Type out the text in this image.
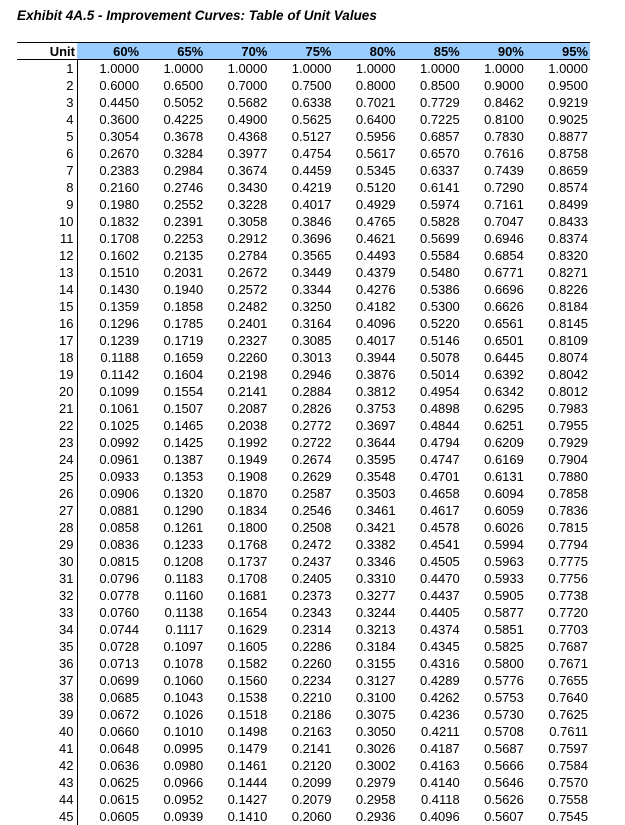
Exhibit 4A.5 - Improvement Curves: Table of Unit Values
Unit	60%	65%	70%	75%	80%	85%	90%	95%
1	1.0000	1.0000	1.0000	1.0000	1.0000	1.0000	1.0000	1.0000
2	0.6000	0.6500	0.7000	0.7500	0.8000	0.8500	0.9000	0.9500
3	0.4450	0.5052	0.5682	0.6338	0.7021	0.7729	0.8462	0.9219
4	0.3600	0.4225	0.4900	0.5625	0.6400	0.7225	0.8100	0.9025
5	0.3054	0.3678	0.4368	0.5127	0.5956	0.6857	0.7830	0.8877
6	0.2670	0.3284	0.3977	0.4754	0.5617	0.6570	0.7616	0.8758
7	0.2383	0.2984	0.3674	0.4459	0.5345	0.6337	0.7439	0.8659
8	0.2160	0.2746	0.3430	0.4219	0.5120	0.6141	0.7290	0.8574
9	0.1980	0.2552	0.3228	0.4017	0.4929	0.5974	0.7161	0.8499
10	0.1832	0.2391	0.3058	0.3846	0.4765	0.5828	0.7047	0.8433
11	0.1708	0.2253	0.2912	0.3696	0.4621	0.5699	0.6946	0.8374
12	0.1602	0.2135	0.2784	0.3565	0.4493	0.5584	0.6854	0.8320
13	0.1510	0.2031	0.2672	0.3449	0.4379	0.5480	0.6771	0.8271
14	0.1430	0.1940	0.2572	0.3344	0.4276	0.5386	0.6696	0.8226
15	0.1359	0.1858	0.2482	0.3250	0.4182	0.5300	0.6626	0.8184
16	0.1296	0.1785	0.2401	0.3164	0.4096	0.5220	0.6561	0.8145
17	0.1239	0.1719	0.2327	0.3085	0.4017	0.5146	0.6501	0.8109
18	0.1188	0.1659	0.2260	0.3013	0.3944	0.5078	0.6445	0.8074
19	0.1142	0.1604	0.2198	0.2946	0.3876	0.5014	0.6392	0.8042
20	0.1099	0.1554	0.2141	0.2884	0.3812	0.4954	0.6342	0.8012
21	0.1061	0.1507	0.2087	0.2826	0.3753	0.4898	0.6295	0.7983
22	0.1025	0.1465	0.2038	0.2772	0.3697	0.4844	0.6251	0.7955
23	0.0992	0.1425	0.1992	0.2722	0.3644	0.4794	0.6209	0.7929
24	0.0961	0.1387	0.1949	0.2674	0.3595	0.4747	0.6169	0.7904
25	0.0933	0.1353	0.1908	0.2629	0.3548	0.4701	0.6131	0.7880
26	0.0906	0.1320	0.1870	0.2587	0.3503	0.4658	0.6094	0.7858
27	0.0881	0.1290	0.1834	0.2546	0.3461	0.4617	0.6059	0.7836
28	0.0858	0.1261	0.1800	0.2508	0.3421	0.4578	0.6026	0.7815
29	0.0836	0.1233	0.1768	0.2472	0.3382	0.4541	0.5994	0.7794
30	0.0815	0.1208	0.1737	0.2437	0.3346	0.4505	0.5963	0.7775
31	0.0796	0.1183	0.1708	0.2405	0.3310	0.4470	0.5933	0.7756
32	0.0778	0.1160	0.1681	0.2373	0.3277	0.4437	0.5905	0.7738
33	0.0760	0.1138	0.1654	0.2343	0.3244	0.4405	0.5877	0.7720
34	0.0744	0.1117	0.1629	0.2314	0.3213	0.4374	0.5851	0.7703
35	0.0728	0.1097	0.1605	0.2286	0.3184	0.4345	0.5825	0.7687
36	0.0713	0.1078	0.1582	0.2260	0.3155	0.4316	0.5800	0.7671
37	0.0699	0.1060	0.1560	0.2234	0.3127	0.4289	0.5776	0.7655
38	0.0685	0.1043	0.1538	0.2210	0.3100	0.4262	0.5753	0.7640
39	0.0672	0.1026	0.1518	0.2186	0.3075	0.4236	0.5730	0.7625
40	0.0660	0.1010	0.1498	0.2163	0.3050	0.4211	0.5708	0.7611
41	0.0648	0.0995	0.1479	0.2141	0.3026	0.4187	0.5687	0.7597
42	0.0636	0.0980	0.1461	0.2120	0.3002	0.4163	0.5666	0.7584
43	0.0625	0.0966	0.1444	0.2099	0.2979	0.4140	0.5646	0.7570
44	0.0615	0.0952	0.1427	0.2079	0.2958	0.4118	0.5626	0.7558
45	0.0605	0.0939	0.1410	0.2060	0.2936	0.4096	0.5607	0.7545
